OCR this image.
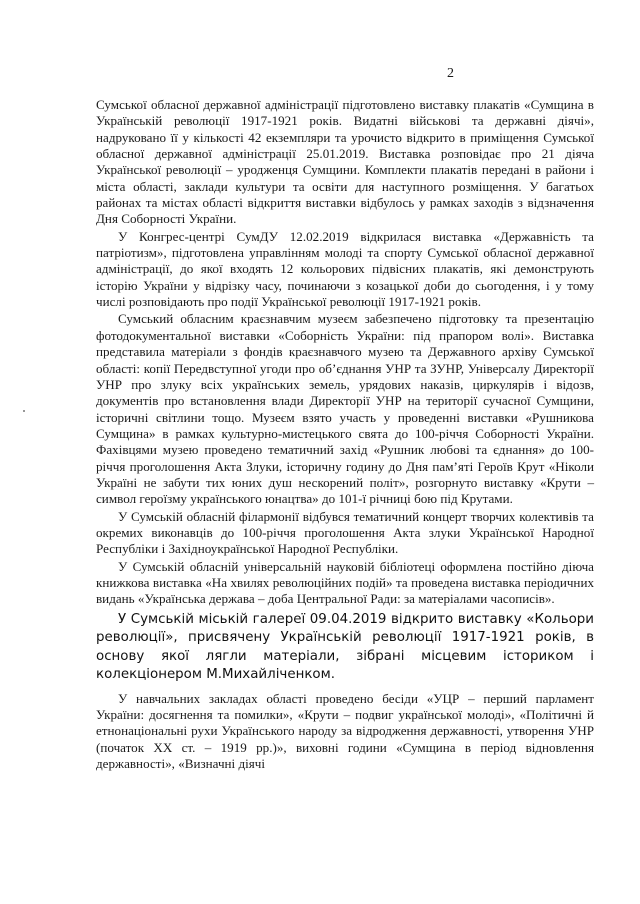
2

Сумської обласної державної адміністрації підготовлено виставку плакатів «Сумщина в Українській революції 1917-1921 років. Видатні військові та державні діячі», надруковано її у кількості 42 екземпляри та урочисто відкрито в приміщення Сумської обласної державної адміністрації 25.01.2019. Виставка розповідає про 21 діяча Української революції – уродженця Сумщини. Комплекти плакатів передані в райони і міста області, заклади культури та освіти для наступного розміщення. У багатьох районах та містах області відкриття виставки відбулось у рамках заходів з відзначення Дня Соборності України.

У Конгрес-центрі СумДУ 12.02.2019 відкрилася виставка «Державність та патріотизм», підготовлена управлінням молоді та спорту Сумської обласної державної адміністрації, до якої входять 12 кольорових підвісних плакатів, які демонструють історію України у відрізку часу, починаючи з козацької доби до сьогодення, і у тому числі розповідають про події Української революції 1917-1921 років.

Сумський обласним краєзнавчим музеєм забезпечено підготовку та презентацію фотодокументальної виставки «Соборність України: під прапором волі». Виставка представила матеріали з фондів краєзнавчого музею та Державного архіву Сумської області: копії Передвступної угоди про об’єднання УНР та ЗУНР, Універсалу Директорії УНР про злуку всіх українських земель, урядових наказів, циркулярів і відозв, документів про встановлення влади Директорії УНР на території сучасної Сумщини, історичні світлини тощо. Музеєм взято участь у проведенні виставки «Рушникова Сумщина» в рамках культурно-мистецького свята до 100-річчя Соборності України. Фахівцями музею проведено тематичний захід «Рушник любові та єднання» до 100-річчя проголошення Акта Злуки, історичну годину до Дня пам’яті Героїв Крут «Ніколи Україні не забути тих юних душ нескорений політ», розгорнуто виставку «Крути – символ героїзму українського юнацтва» до 101-ї річниці бою під Крутами.

У Сумській обласній філармонії відбувся тематичний концерт творчих колективів та окремих виконавців до 100-річчя проголошення Акта злуки Української Народної Республіки і Західноукраїнської Народної Республіки.

У Сумській обласній універсальній науковій бібліотеці оформлена постійно діюча книжкова виставка «На хвилях революційних подій» та проведена виставка періодичних видань «Українська держава – доба Центральної Ради: за матеріалами часописів».

У Сумській міській галереї 09.04.2019 відкрито виставку «Кольори революції», присвячену Українській революції 1917-1921 років, в основу якої лягли матеріали, зібрані місцевим істориком і колекціонером М.Михайліченком.

У навчальних закладах області проведено бесіди «УЦР – перший парламент України: досягнення та помилки», «Крути – подвиг української молоді», «Політичні й етнонаціональні рухи Українського народу за відродження державності, утворення УНР (початок ХХ ст. – 1919 рр.)», виховні години «Сумщина в період відновлення державності», «Визначні діячі
